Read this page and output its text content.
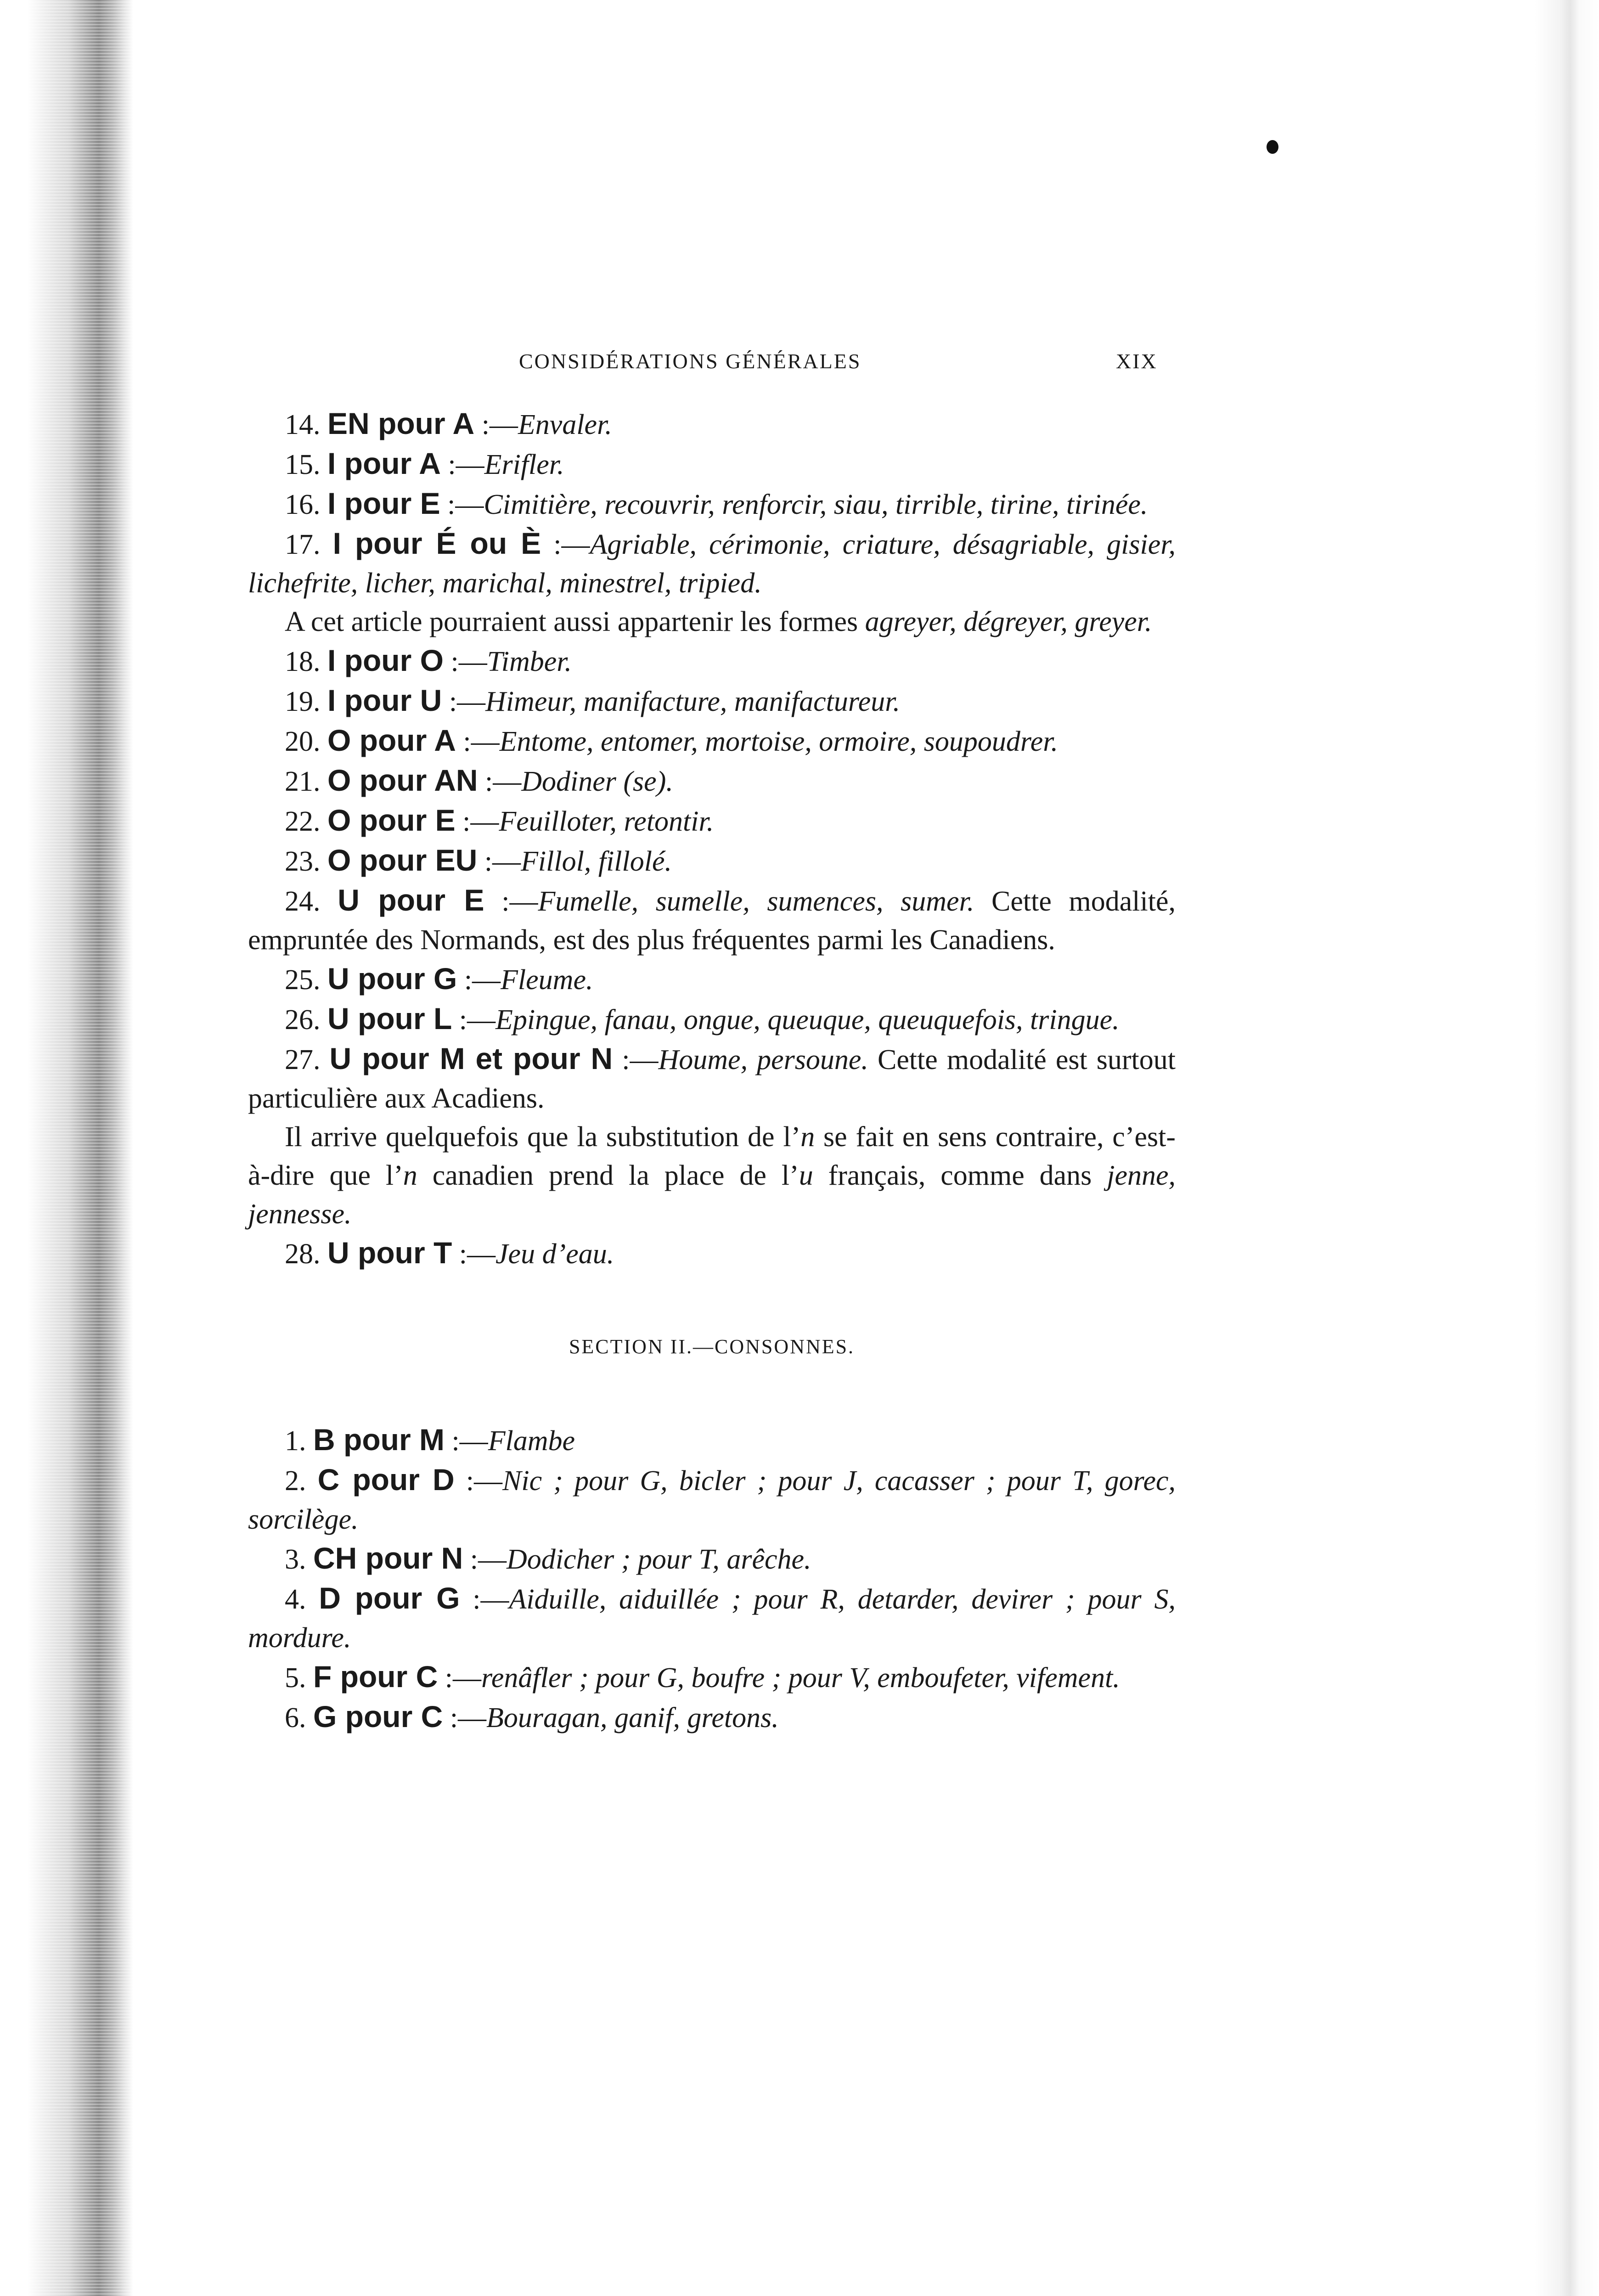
CONSIDÉRATIONS GÉNÉRALES	XIX

14. EN pour A :—Envaler.

15. I pour A :—Erifler.

16. I pour E :—Cimitière, recouvrir, renforcir, siau, tirrible, tirine, tirinée.

17. I pour É ou È :—Agriable, cérimonie, criature, désagriable, gisier, lichefrite, licher, marichal, minestrel, tripied.

A cet article pourraient aussi appartenir les formes agreyer, dégreyer, greyer.

18. I pour O :—Timber.

19. I pour U :—Himeur, manifacture, manifactureur.

20. O pour A :—Entome, entomer, mortoise, ormoire, soupoudrer.

21. O pour AN :—Dodiner (se).

22. O pour E :—Feuilloter, retontir.

23. O pour EU :—Fillol, fillolé.

24. U pour E :—Fumelle, sumelle, sumences, sumer. Cette modalité, empruntée des Normands, est des plus fréquentes parmi les Canadiens.

25. U pour G :—Fleume.

26. U pour L :—Epingue, fanau, ongue, queuque, queuquefois, tringue.

27. U pour M et pour N :—Houme, persoune. Cette modalité est surtout particulière aux Acadiens.

Il arrive quelquefois que la substitution de l’n se fait en sens contraire, c’est-à-dire que l’n canadien prend la place de l’u français, comme dans jenne, jennesse.

28. U pour T :—Jeu d’eau.

SECTION II.—CONSONNES.

1. B pour M :—Flambe

2. C pour D :—Nic ; pour G, bicler ; pour J, cacasser ; pour T, gorec, sorcilège.

3. CH pour N :—Dodicher ; pour T, arêche.

4. D pour G :—Aiduille, aiduillée ; pour R, detarder, devirer ; pour S, mordure.

5. F pour C :—renâfler ; pour G, boufre ; pour V, emboufeter, vifement.

6. G pour C :—Bouragan, ganif, gretons.
